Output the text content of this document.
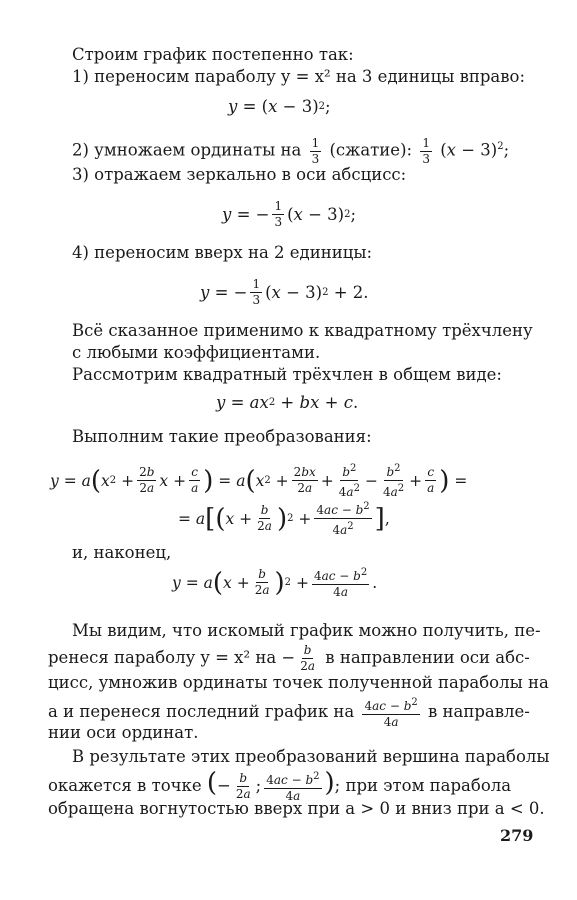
Строим график постепенно так:
1) переносим параболу y = x² на 3 единицы вправо:
y = ( x − 3) 2 ;
2) умножаем ординаты на $\frac{1}{3}$ (сжатие): $\frac{1}{3} (x - 3)^2$;
3) отражаем зеркально в оси абсцисс:
y = − $\frac{1}{3}$ ( x − 3) 2 ;
4) переносим вверх на 2 единицы:
y = − $\frac{1}{3}$ ( x − 3) 2 + 2.
Всё сказанное применимо к квадратному трёхчлену
с любыми коэффициентами.
Рассмотрим квадратный трёхчлен в общем виде:
y = ax 2 + bx + c .
Выполним такие преобразования:
y = a ( x $2 + \frac{2b}{2a}$ $x + \frac{c}{a}$ ) = a ( x $2 + \frac{2bx}{2a} + \frac{b^2}{4a^2} - \frac{b^2}{4a^2} + \frac{c}{a}$ ) =
= a [ ( $x + \frac{b}{2a}$ ) $2 + \frac{4ac - b^2}{4a^2}$ ] ,
и, наконец,
y = a ( $x + \frac{b}{2a}$ ) $2 + \frac{4ac - b^2}{4a}$ .
Мы видим, что искомый график можно получить, пе-
ренеся параболу y = x² на − $\frac{b}{2a}$ в направлении оси абс-
цисс, умножив ординаты точек полученной параболы на
a и перенеся последний график на $\frac{4ac - b^2}{4a}$ в направле-
нии оси ординат.
В результате этих преобразований вершина параболы
окажется в точке (− $\frac{b}{2a}$ ; $\frac{4ac - b^2}{4a}$ ); при этом парабола
обращена вогнутостью вверх при a > 0 и вниз при a < 0.
279
